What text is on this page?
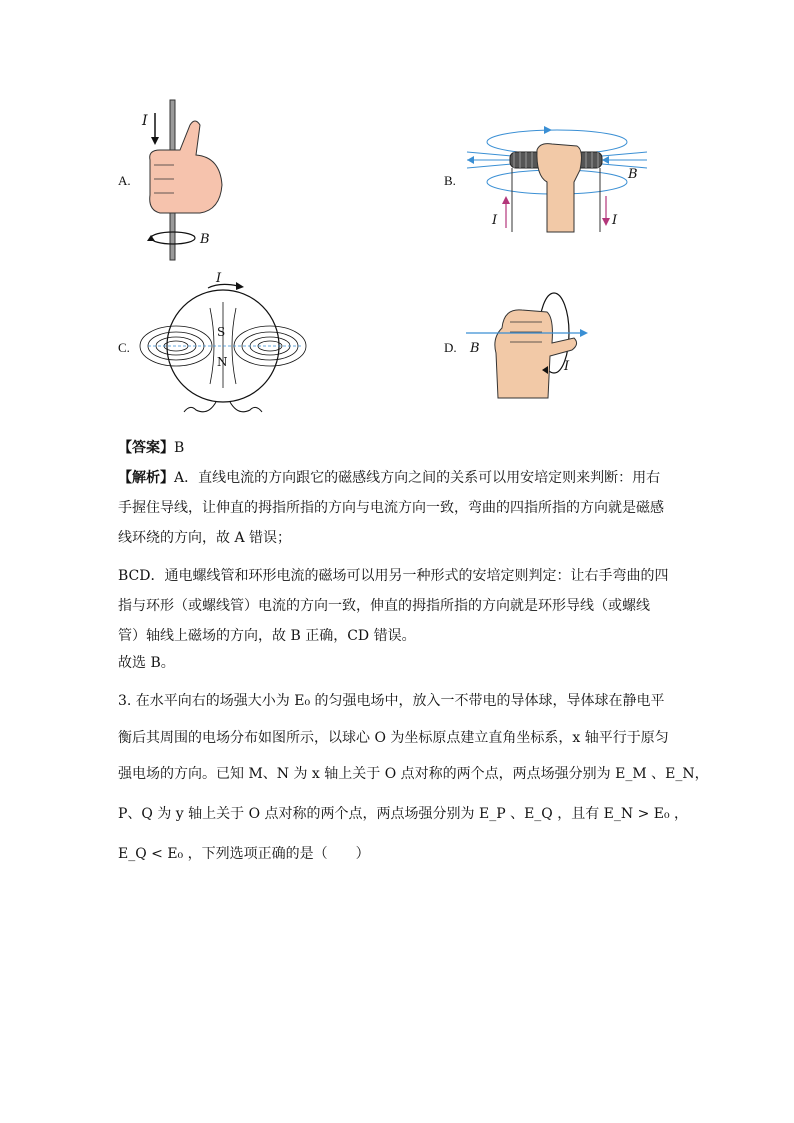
A.
I
B
B.
I	I
B
C.
I
S
N
D. B
I
【答案】B
【解析】A．直线电流的方向跟它的磁感线方向之间的关系可以用安培定则来判断：用右
手握住导线，让伸直的拇指所指的方向与电流方向一致，弯曲的四指所指的方向就是磁感
线环绕的方向，故 A 错误；
BCD．通电螺线管和环形电流的磁场可以用另一种形式的安培定则判定：让右手弯曲的四
指与环形（或螺线管）电流的方向一致，伸直的拇指所指的方向就是环形导线（或螺线
管）轴线上磁场的方向，故 B 正确，CD 错误。
故选 B。
3. 在水平向右的场强大小为 E₀ 的匀强电场中，放入一不带电的导体球，导体球在静电平
衡后其周围的电场分布如图所示，以球心 O 为坐标原点建立直角坐标系，x 轴平行于原匀
强电场的方向。已知 M、N 为 x 轴上关于 O 点对称的两个点，两点场强分别为 E_M 、E_N，
P、Q 为 y 轴上关于 O 点对称的两个点，两点场强分别为 E_P 、E_Q ，且有 E_N > E₀ ，
E_Q < E₀ ，下列选项正确的是（　　）
